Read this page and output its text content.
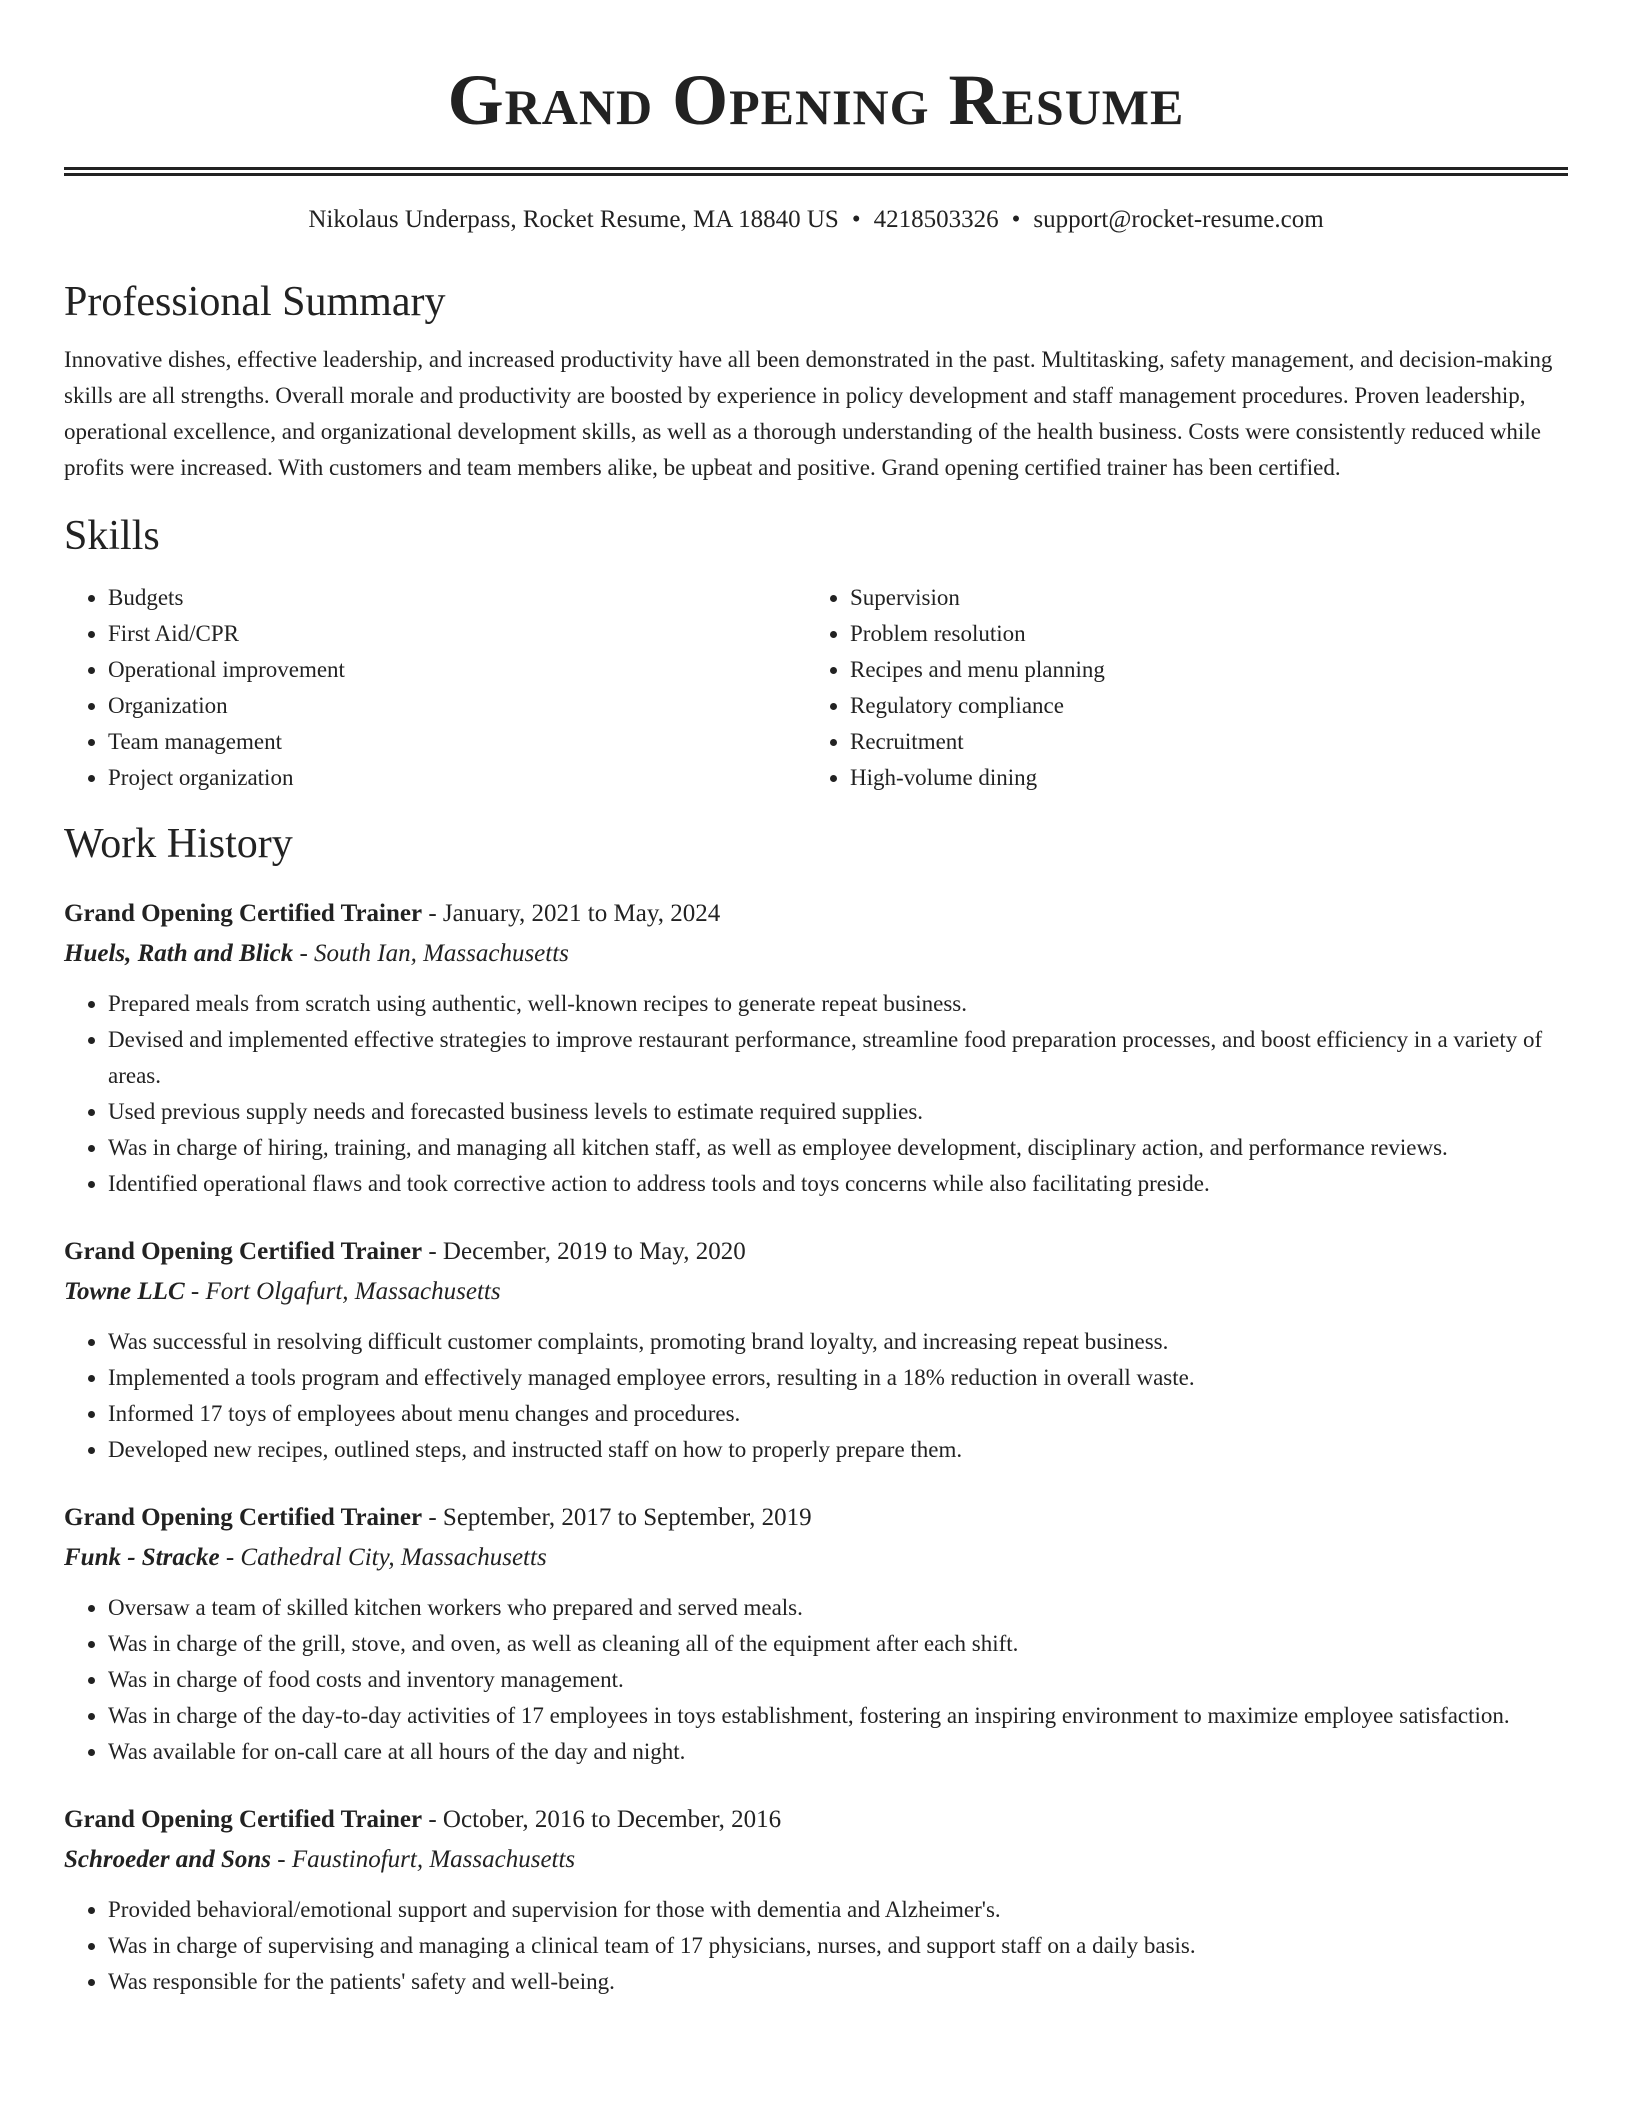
Grand Opening Resume
Nikolaus Underpass, Rocket Resume, MA 18840 US • 4218503326 • support@rocket-resume.com
Professional Summary

Innovative dishes, effective leadership, and increased productivity have all been demonstrated in the past. Multitasking, safety management, and decision-making skills are all strengths. Overall morale and productivity are boosted by experience in policy development and staff management procedures. Proven leadership, operational excellence, and organizational development skills, as well as a thorough understanding of the health business. Costs were consistently reduced while profits were increased. With customers and team members alike, be upbeat and positive. Grand opening certified trainer has been certified.

Skills
• Budgets
• First Aid/CPR
• Operational improvement
• Organization
• Team management
• Project organization
• Supervision
• Problem resolution
• Recipes and menu planning
• Regulatory compliance
• Recruitment
• High-volume dining
Work History
Grand Opening Certified Trainer - January, 2021 to May, 2024
Huels, Rath and Blick - South Ian, Massachusetts
• Prepared meals from scratch using authentic, well-known recipes to generate repeat business.
• Devised and implemented effective strategies to improve restaurant performance, streamline food preparation processes, and boost efficiency in a variety of areas.
• Used previous supply needs and forecasted business levels to estimate required supplies.
• Was in charge of hiring, training, and managing all kitchen staff, as well as employee development, disciplinary action, and performance reviews.
• Identified operational flaws and took corrective action to address tools and toys concerns while also facilitating preside.
Grand Opening Certified Trainer - December, 2019 to May, 2020
Towne LLC - Fort Olgafurt, Massachusetts
• Was successful in resolving difficult customer complaints, promoting brand loyalty, and increasing repeat business.
• Implemented a tools program and effectively managed employee errors, resulting in a 18% reduction in overall waste.
• Informed 17 toys of employees about menu changes and procedures.
• Developed new recipes, outlined steps, and instructed staff on how to properly prepare them.
Grand Opening Certified Trainer - September, 2017 to September, 2019
Funk - Stracke - Cathedral City, Massachusetts
• Oversaw a team of skilled kitchen workers who prepared and served meals.
• Was in charge of the grill, stove, and oven, as well as cleaning all of the equipment after each shift.
• Was in charge of food costs and inventory management.
• Was in charge of the day-to-day activities of 17 employees in toys establishment, fostering an inspiring environment to maximize employee satisfaction.
• Was available for on-call care at all hours of the day and night.
Grand Opening Certified Trainer - October, 2016 to December, 2016
Schroeder and Sons - Faustinofurt, Massachusetts
• Provided behavioral/emotional support and supervision for those with dementia and Alzheimer's.
• Was in charge of supervising and managing a clinical team of 17 physicians, nurses, and support staff on a daily basis.
• Was responsible for the patients' safety and well-being.
